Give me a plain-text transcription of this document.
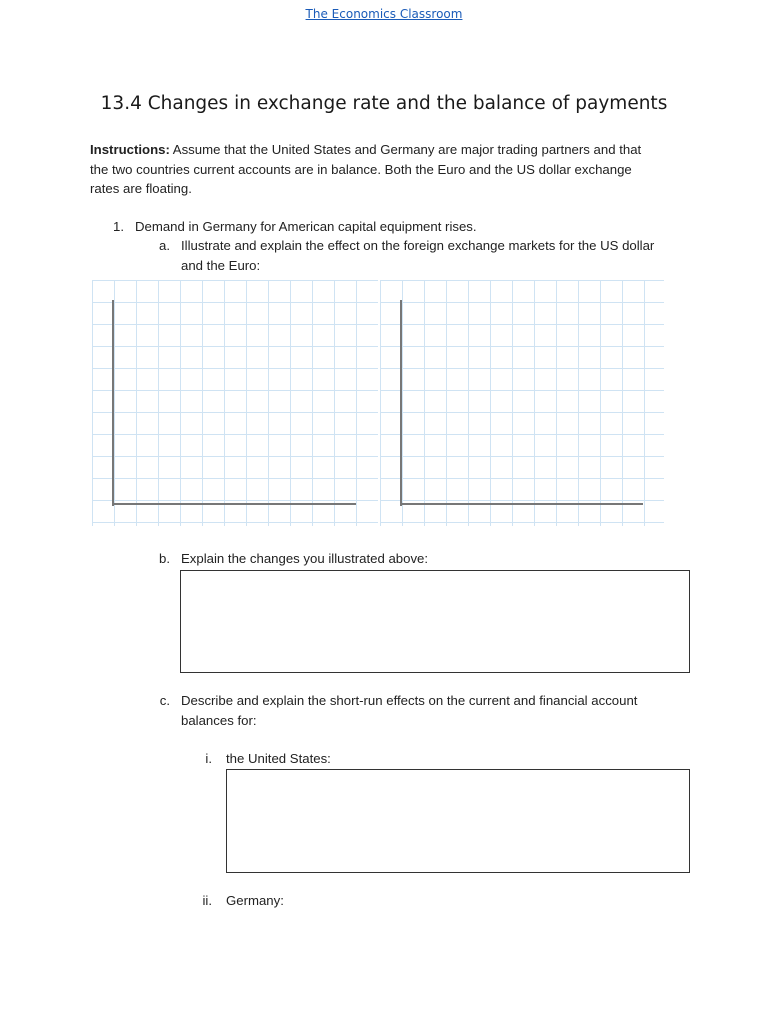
The Economics Classroom
13.4 Changes in exchange rate and the balance of payments
Instructions: Assume that the United States and Germany are major trading partners and that
the two countries current accounts are in balance. Both the Euro and the US dollar exchange
rates are floating.
1. Demand in Germany for American capital equipment rises.
a. Illustrate and explain the effect on the foreign exchange markets for the US dollar
and the Euro:
b. Explain the changes you illustrated above:
c. Describe and explain the short-run effects on the current and financial account
balances for:
i. the United States:
ii. Germany:
